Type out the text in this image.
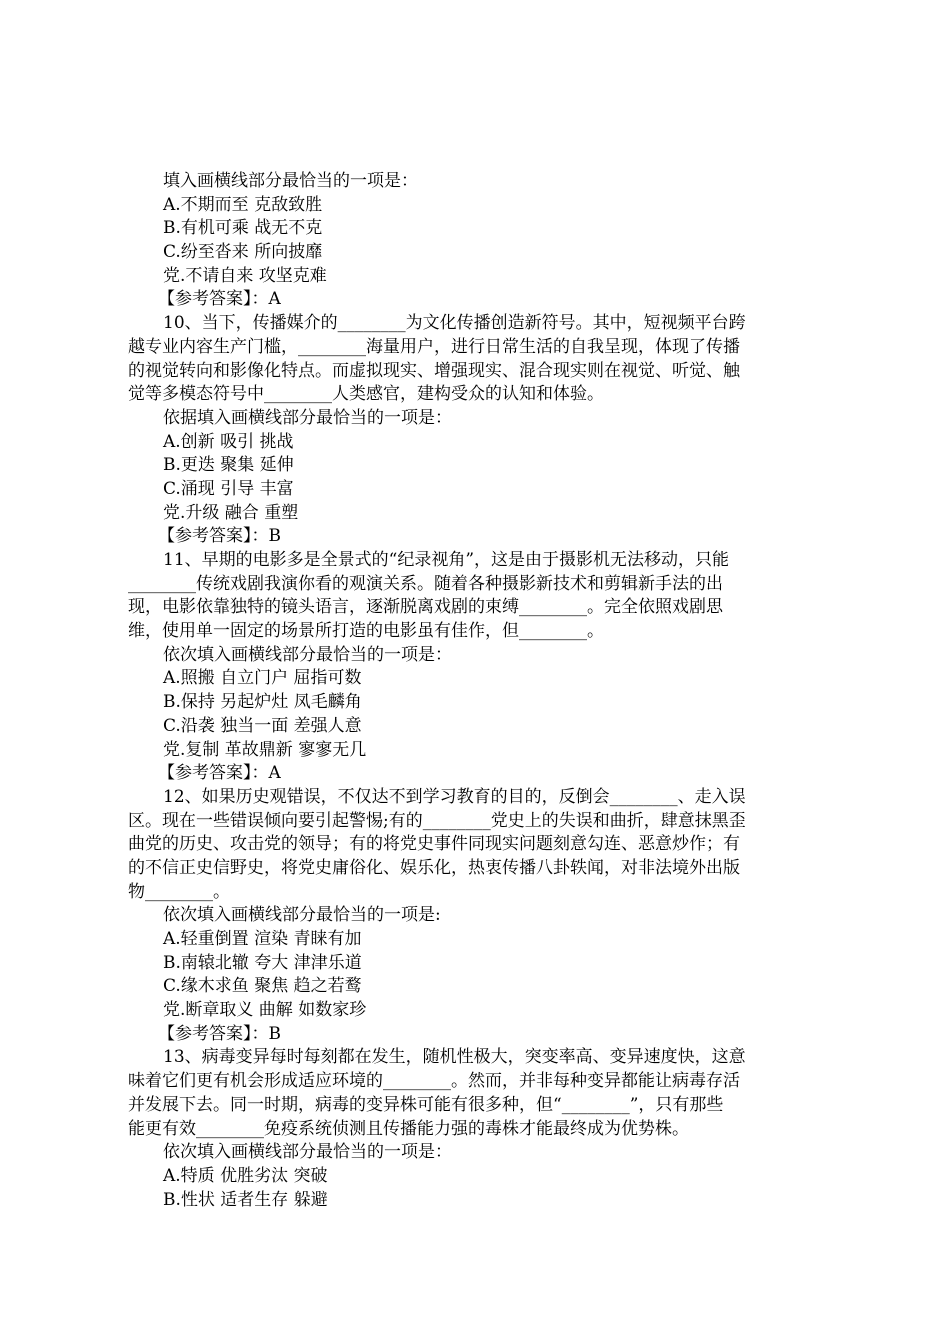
填入画横线部分最恰当的一项是：
A.不期而至 克敌致胜
B.有机可乘 战无不克
C.纷至沓来 所向披靡
党.不请自来 攻坚克难
【参考答案】：A
10、当下，传播媒介的________为文化传播创造新符号。其中，短视频平台跨
越专业内容生产门槛，________海量用户，进行日常生活的自我呈现，体现了传播
的视觉转向和影像化特点。而虚拟现实、增强现实、混合现实则在视觉、听觉、触
觉等多模态符号中________人类感官，建构受众的认知和体验。
依据填入画横线部分最恰当的一项是：
A.创新 吸引 挑战
B.更迭 聚集 延伸
C.涌现 引导 丰富
党.升级 融合 重塑
【参考答案】：B
11、早期的电影多是全景式的“纪录视角”，这是由于摄影机无法移动，只能
________传统戏剧我演你看的观演关系。随着各种摄影新技术和剪辑新手法的出
现，电影依靠独特的镜头语言，逐渐脱离戏剧的束缚________。完全依照戏剧思
维，使用单一固定的场景所打造的电影虽有佳作，但________。
依次填入画横线部分最恰当的一项是：
A.照搬 自立门户 屈指可数
B.保持 另起炉灶 凤毛麟角
C.沿袭 独当一面 差强人意
党.复制 革故鼎新 寥寥无几
【参考答案】：A
12、如果历史观错误，不仅达不到学习教育的目的，反倒会________、走入误
区。现在一些错误倾向要引起警惕;有的________党史上的失误和曲折，肆意抹黑歪
曲党的历史、攻击党的领导；有的将党史事件同现实问题刻意勾连、恶意炒作；有
的不信正史信野史，将党史庸俗化、娱乐化，热衷传播八卦轶闻，对非法境外出版
物________。
依次填入画横线部分最恰当的一项是:
A.轻重倒置 渲染 青睐有加
B.南辕北辙 夸大 津津乐道
C.缘木求鱼 聚焦 趋之若鹜
党.断章取义 曲解 如数家珍
【参考答案】：B
13、病毒变异每时每刻都在发生，随机性极大，突变率高、变异速度快，这意
味着它们更有机会形成适应环境的________。然而，并非每种变异都能让病毒存活
并发展下去。同一时期，病毒的变异株可能有很多种，但“________”，只有那些
能更有效________免疫系统侦测且传播能力强的毒株才能最终成为优势株。
依次填入画横线部分最恰当的一项是：
A.特质 优胜劣汰 突破
B.性状 适者生存 躲避
